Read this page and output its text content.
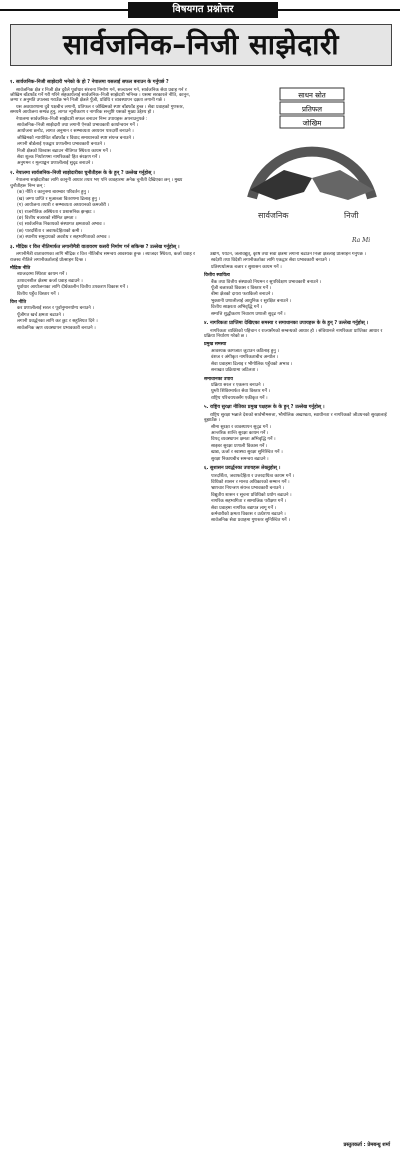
विषयगत प्रश्नोत्तर
सार्वजनिक–निजी साझेदारी
साधन स्रोत
प्रतिफल
जोखिम
सार्वजनिक	निजी
Ra Mi

१. सार्वजनिक–निजी साझेदारी भनेको के हो ? नेपालमा यसलाई सफल बनाउन के गर्नुपर्छ ?

सार्वजनिक क्षेत्र र निजी क्षेत्र दुवैले पूर्वाधार संरचना निर्माण गर्न, सञ्चालन गर्न, सार्वजनिक सेवा प्रवाह गर्न र जोखिम बाँडफाँड गर्ने गरी गरिने सहकार्यलाई सार्वजनिक–निजी साझेदारी भनिन्छ । यसमा सरकारले नीति, कानुन, जग्गा र अनुमति उपलब्ध गराउँछ भने निजी क्षेत्रले पुँजी, प्रविधि र व्यवस्थापन दक्षता लगानी गर्छ ।

यस अवधारणामा दुवै पक्षबीच लगानी, प्रतिफल र जोखिमको स्पष्ट बाँडफाँड हुन्छ । सेवा प्रवाहको गुणस्तर, समयमै आयोजना सम्पन्न हुनु, लागत न्यूनीकरण र नागरिक सन्तुष्टि यसको मुख्य उद्देश्य हो ।

नेपालमा सार्वजनिक–निजी साझेदारी सफल बनाउन निम्न उपायहरू अपनाउनुपर्छ :

• सार्वजनिक–निजी साझेदारी तथा लगानी ऐनको प्रभावकारी कार्यान्वयन गर्ने ।
• आयोजना छनोट, लागत अनुमान र सम्भाव्यता अध्ययन पारदर्शी बनाउने ।
• जोखिमको न्यायोचित बाँडफाँड र विवाद समाधानको स्पष्ट संयन्त्र बनाउने ।
• लगानी बोर्डलाई एकद्वार प्रणालीमा प्रभावकारी बनाउने ।
• निजी क्षेत्रको विश्वास बढाउन नीतिगत स्थिरता कायम गर्ने ।
• सेवा शुल्क निर्धारणमा नागरिकको हित संरक्षण गर्ने ।
• अनुगमन र मूल्याङ्कन प्रणालीलाई सुदृढ बनाउने ।

२. नेपालमा सार्वजनिक–निजी साझेदारीका चुनौतीहरू के के हुन् ? उल्लेख गर्नुहोस् ।

नेपालमा साझेदारीका लागि कानुनी आधार तयार भए पनि व्यवहारमा अनेक चुनौती देखिएका छन् । मुख्य चुनौतीहरू निम्न छन् :

• (क) नीति र कानुनमा बारम्बार परिवर्तन हुनु ।
• (ख) जग्गा प्राप्ति र मुआब्जा वितरणमा ढिलाइ हुनु ।
• (ग) आयोजना तयारी र सम्भाव्यता अध्ययनको कमजोरी ।
• (घ) राजनीतिक अस्थिरता र प्रशासनिक झन्झट ।
• (ङ) वित्तीय बजारको सीमित क्षमता ।
• (च) सार्वजनिक निकायको संस्थागत क्षमताको अभाव ।
• (छ) पारदर्शिता र जवाफदेहिताको कमी ।
• (ज) स्थानीय समुदायको अवरोध र सहभागिताको अभाव ।

३. मौद्रिक र वित्त नीतिमार्फत लगानीमैत्री वातावरण कसरी निर्माण गर्न सकिन्छ ? उल्लेख गर्नुहोस् ।

लगानीमैत्री वातावरणका लागि मौद्रिक र वित्त नीतिबीच समन्वय आवश्यक हुन्छ । ब्याजदर स्थिरता, कर्जा प्रवाह र राजस्व नीतिले लगानीकर्तालाई प्रोत्साहन दिन्छ ।

मौद्रिक नीति

• ब्याजदरमा स्थिरता कायम गर्ने ।
• उत्पादनशील क्षेत्रमा कर्जा प्रवाह बढाउने ।
• पूर्वाधार आयोजनाका लागि दीर्घकालीन वित्तीय उपकरण विकास गर्ने ।
• वित्तीय पहुँच विस्तार गर्ने ।

वित्त नीति

• कर प्रणालीलाई सरल र पूर्वानुमानयोग्य बनाउने ।
• पूँजीगत खर्च क्षमता बढाउने ।
• लगानी प्रवर्द्धनका लागि कर छुट र सहुलियत दिने ।
• सार्वजनिक ऋण व्यवस्थापन प्रभावकारी बनाउने ।

उद्योग, पर्यटन, जलविद्युत्, कृषि तथा सेवा क्षेत्रमा लगानी बढाउन निजी क्षेत्रलाई प्रोत्साहन गर्नुपर्छ ।

• स्वदेशी तथा विदेशी लगानीकर्ताका लागि एकद्वार सेवा प्रभावकारी बनाउने ।
• प्रतिस्पर्धात्मक बजार र सुशासन कायम गर्ने ।

वित्तीय स्थायित्व

• बैंक तथा वित्तीय संस्थाको नियमन र सुपरिवेक्षण प्रभावकारी बनाउने ।
• पूँजी बजारको विकास र विस्तार गर्ने ।
• बीमा क्षेत्रको दायरा फराकिलो बनाउने ।
• भुक्तानी प्रणालीलाई आधुनिक र सुरक्षित बनाउने ।
• वित्तीय साक्षरता अभिवृद्धि गर्ने ।
• सम्पत्ति शुद्धीकरण निवारण प्रणाली सुदृढ गर्ने ।

४. नागरिकता प्राप्तिमा देखिएका समस्या र समाधानका उपायहरू के के हुन् ? उल्लेख गर्नुहोस् ।

नागरिकता व्यक्तिको पहिचान र राज्यसँगको सम्बन्धको आधार हो । संविधानले नागरिकता प्राप्तिका आधार र प्रक्रिया निर्धारण गरेको छ ।

प्रमुख समस्या

• आवश्यक कागजात जुटाउन कठिनाइ हुनु ।
• वंशज र अंगीकृत नागरिकताबीच अन्योल ।
• सेवा प्रवाहमा ढिलाइ र भौगोलिक पहुँचको अभाव ।
• सनाखत प्रक्रियामा जटिलता ।

समाधानका उपाय

• प्रक्रिया सरल र एकरूप बनाउने ।
• घुम्ती शिविरमार्फत सेवा विस्तार गर्ने ।
• राष्ट्रिय परिचयपत्रसँग एकीकृत गर्ने ।

५. राष्ट्रिय सुरक्षा नीतिका प्रमुख पक्षहरू के के हुन् ? उल्लेख गर्नुहोस् ।

राष्ट्रिय सुरक्षा भन्नाले देशको सार्वभौमसत्ता, भौगोलिक अखण्डता, स्वाधीनता र नागरिकको जीउधनको सुरक्षालाई बुझाउँछ ।

• सीमा सुरक्षा र व्यवस्थापन सुदृढ गर्ने ।
• आन्तरिक शान्ति सुरक्षा कायम गर्ने ।
• विपद् व्यवस्थापन क्षमता अभिवृद्धि गर्ने ।
• साइबर सुरक्षा प्रणाली विकास गर्ने ।
• खाद्य, ऊर्जा र स्वास्थ्य सुरक्षा सुनिश्चित गर्ने ।
• सुरक्षा निकायबीच समन्वय बढाउने ।

६. सुशासन प्रवर्द्धनका उपायहरू लेख्नुहोस् ।

• पारदर्शिता, जवाफदेहिता र उत्तरदायित्व कायम गर्ने ।
• विधिको शासन र मानव अधिकारको सम्मान गर्ने ।
• भ्रष्टाचार नियन्त्रण संयन्त्र प्रभावकारी बनाउने ।
• विद्युतीय शासन र सूचना प्रविधिको प्रयोग बढाउने ।
• नागरिक सहभागिता र सामाजिक परीक्षण गर्ने ।
• सेवा प्रवाहमा नागरिक बडापत्र लागू गर्ने ।
• कर्मचारीको क्षमता विकास र उत्प्रेरणा बढाउने ।
• सार्वजनिक सेवा प्रवाहमा गुणस्तर सुनिश्चित गर्ने ।
प्रस्तुतकर्ता : प्रेमबन्धु शर्मा
